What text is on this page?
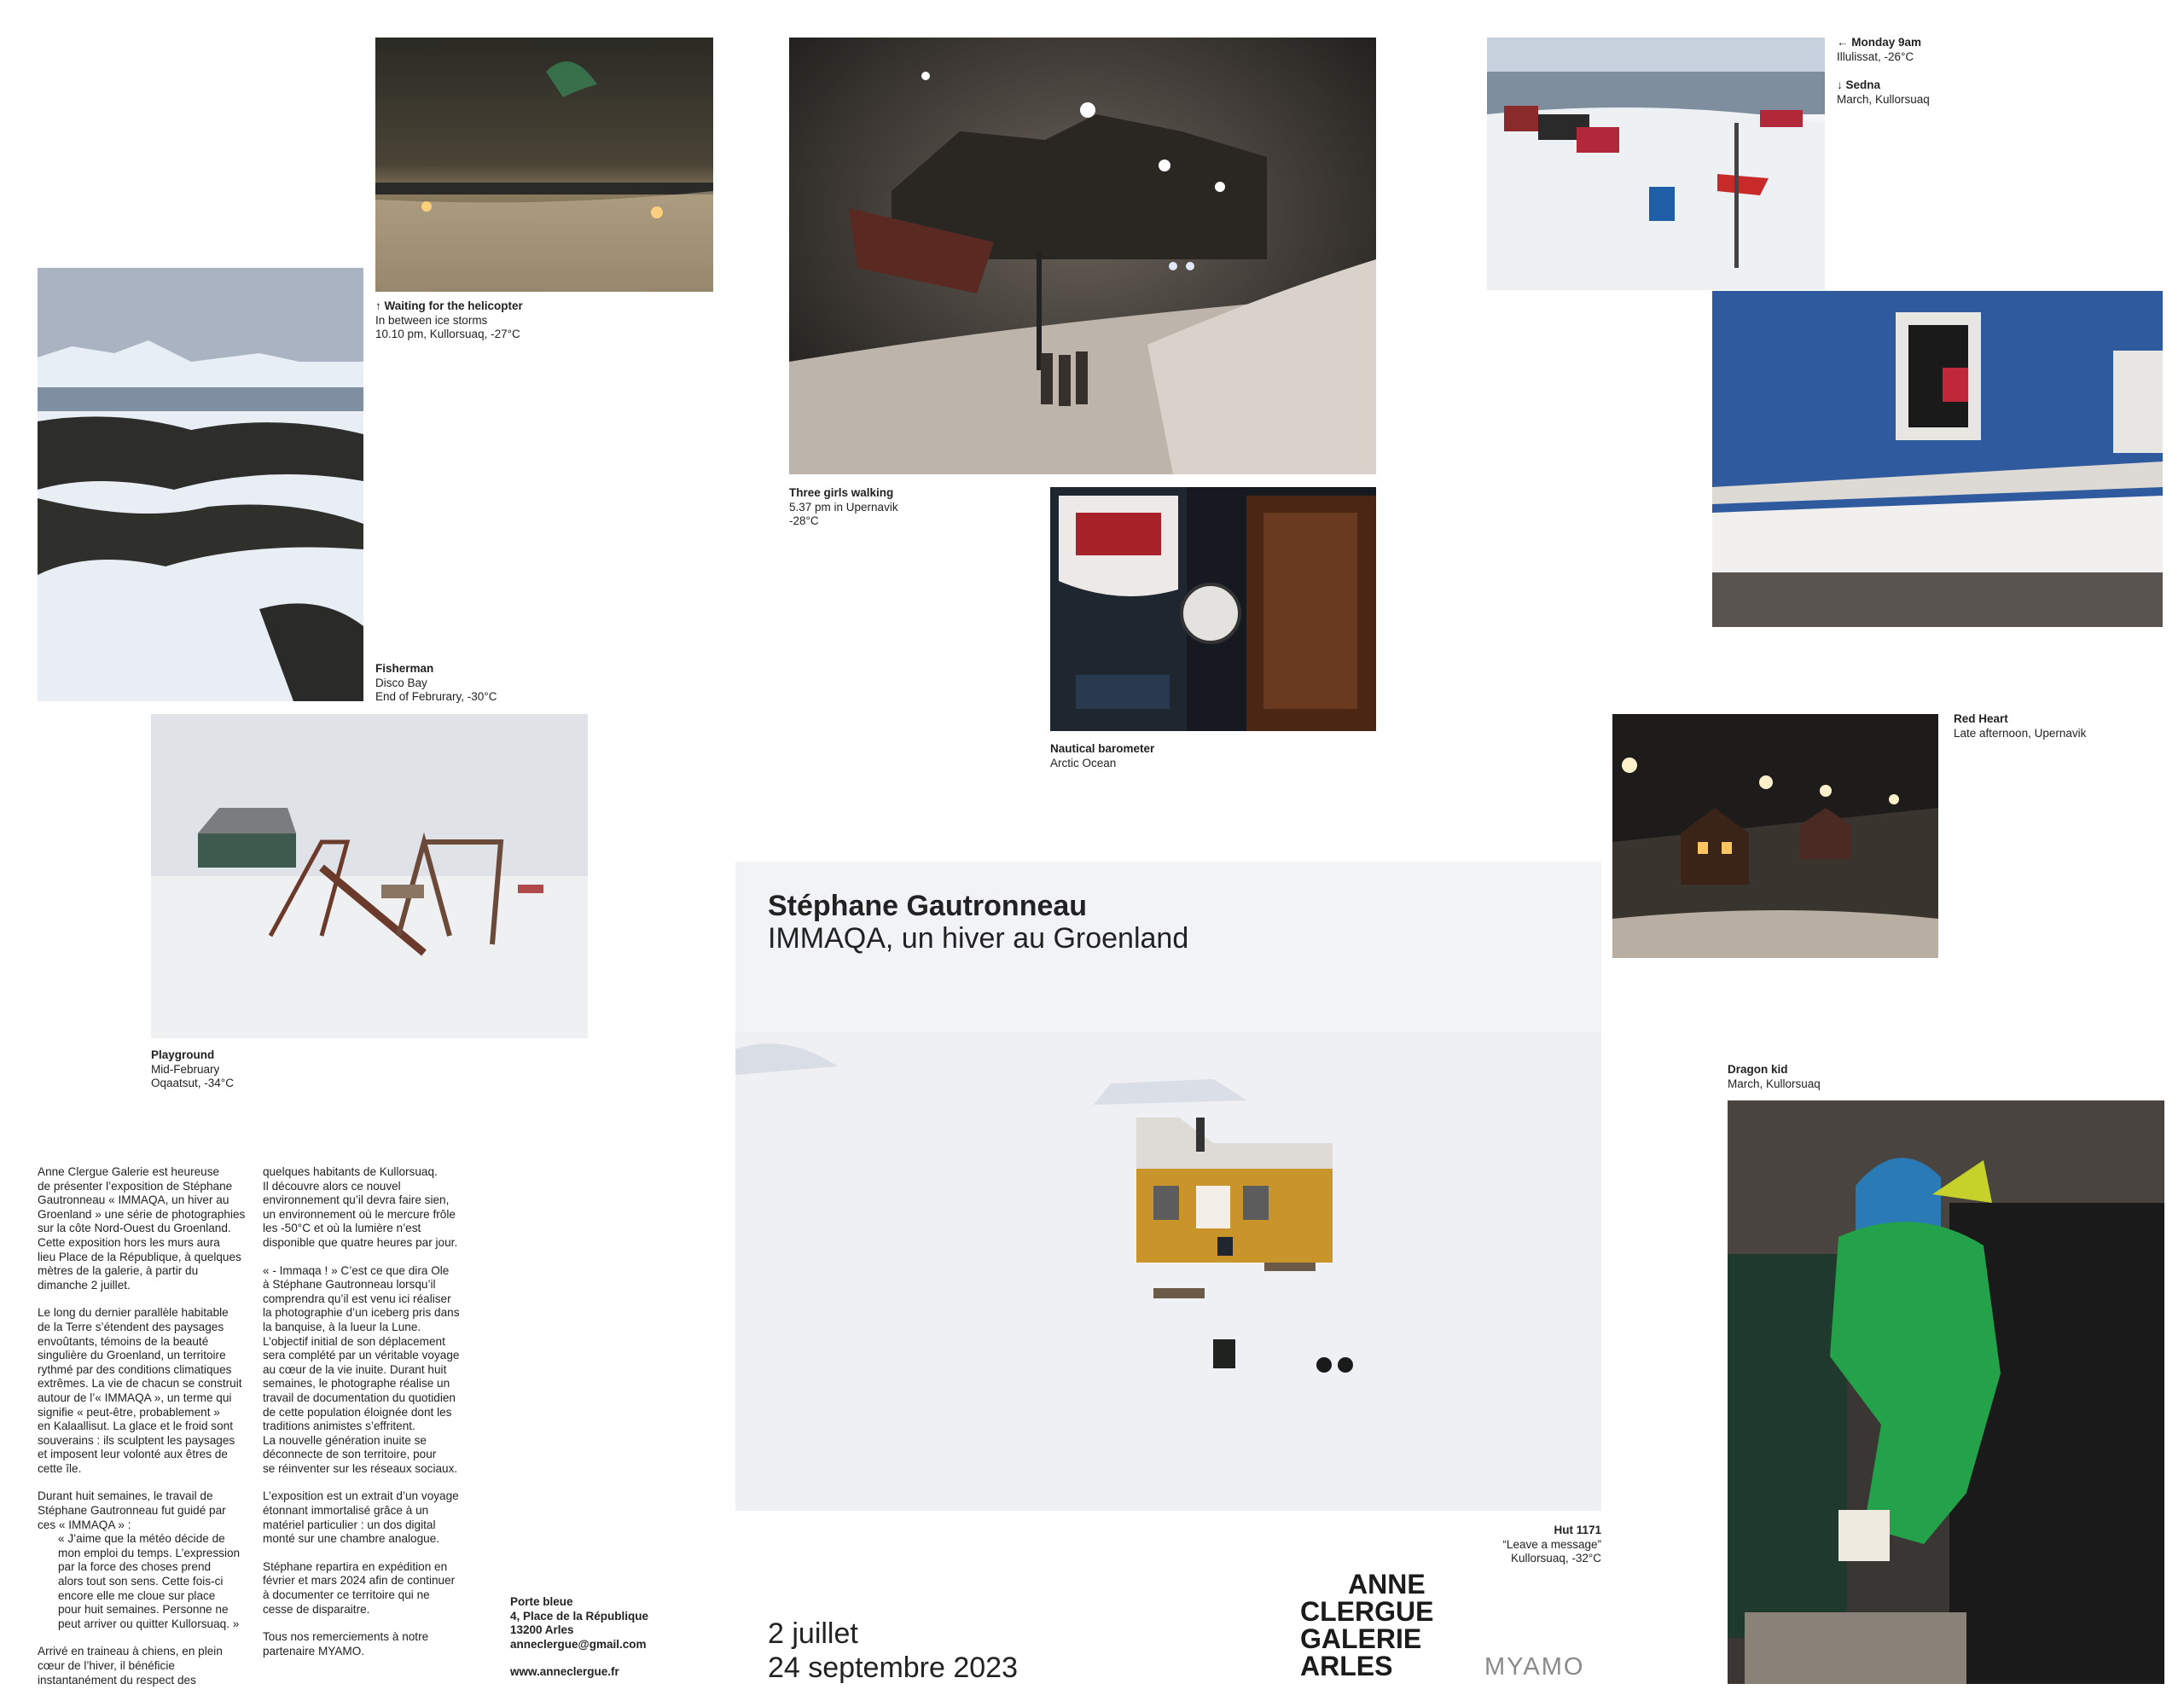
↑ Waiting for the helicopter
In between ice storms
10.10 pm, Kullorsuaq, -27°C
Fisherman
Disco Bay
End of Februrary, -30°C
Playground
Mid-February
Oqaatsut, -34°C
Three girls walking
5.37 pm in Upernavik
-28°C
Nautical barometer
Arctic Ocean
← Monday 9am
Illulissat, -26°C
↓ Sedna
March, Kullorsuaq
Red Heart
Late afternoon, Upernavik
Dragon kid
March, Kullorsuaq
Stéphane Gautronneau
IMMAQA, un hiver au Groenland
Hut 1171
“Leave a message”
Kullorsuaq, -32°C

Anne Clergue Galerie est heureuse
de présenter l’exposition de Stéphane
Gautronneau « IMMAQA, un hiver au
Groenland » une série de photographies
sur la côte Nord-Ouest du Groenland.
Cette exposition hors les murs aura
lieu Place de la République, à quelques
mètres de la galerie, à partir du
dimanche 2 juillet.

Le long du dernier parallèle habitable
de la Terre s’étendent des paysages
envoûtants, témoins de la beauté
singulière du Groenland, un territoire
rythmé par des conditions climatiques
extrêmes. La vie de chacun se construit
autour de l’« IMMAQA », un terme qui
signifie « peut-être, probablement »
en Kalaallisut. La glace et le froid sont
souverains : ils sculptent les paysages
et imposent leur volonté aux êtres de
cette île.

Durant huit semaines, le travail de
Stéphane Gautronneau fut guidé par
ces « IMMAQA » :

« J’aime que la météo décide de
mon emploi du temps. L’expression
par la force des choses prend
alors tout son sens. Cette fois-ci
encore elle me cloue sur place
pour huit semaines. Personne ne
peut arriver ou quitter Kullorsuaq. »

Arrivé en traineau à chiens, en plein
cœur de l’hiver, il bénéficie
instantanément du respect des

quelques habitants de Kullorsuaq.
Il découvre alors ce nouvel
environnement qu’il devra faire sien,
un environnement où le mercure frôle
les -50°C et où la lumière n’est
disponible que quatre heures par jour.

« - Immaqa ! » C’est ce que dira Ole
à Stéphane Gautronneau lorsqu’il
comprendra qu’il est venu ici réaliser
la photographie d’un iceberg pris dans
la banquise, à la lueur la Lune.
L’objectif initial de son déplacement
sera complété par un véritable voyage
au cœur de la vie inuite. Durant huit
semaines, le photographe réalise un
travail de documentation du quotidien
de cette population éloignée dont les
traditions animistes s’effritent.
La nouvelle génération inuite se
déconnecte de son territoire, pour
se réinventer sur les réseaux sociaux.

L’exposition est un extrait d’un voyage
étonnant immortalisé grâce à un
matériel particulier : un dos digital
monté sur une chambre analogue.

Stéphane repartira en expédition en
février et mars 2024 afin de continuer
à documenter ce territoire qui ne
cesse de disparaitre.

Tous nos remerciements à notre
partenaire MYAMO.

Porte bleue
4, Place de la République
13200 Arles
anneclergue@gmail.com
www.anneclergue.fr
2 juillet
24 septembre 2023
ANNE
CLERGUE
GALERIE
ARLES	MYAMO
